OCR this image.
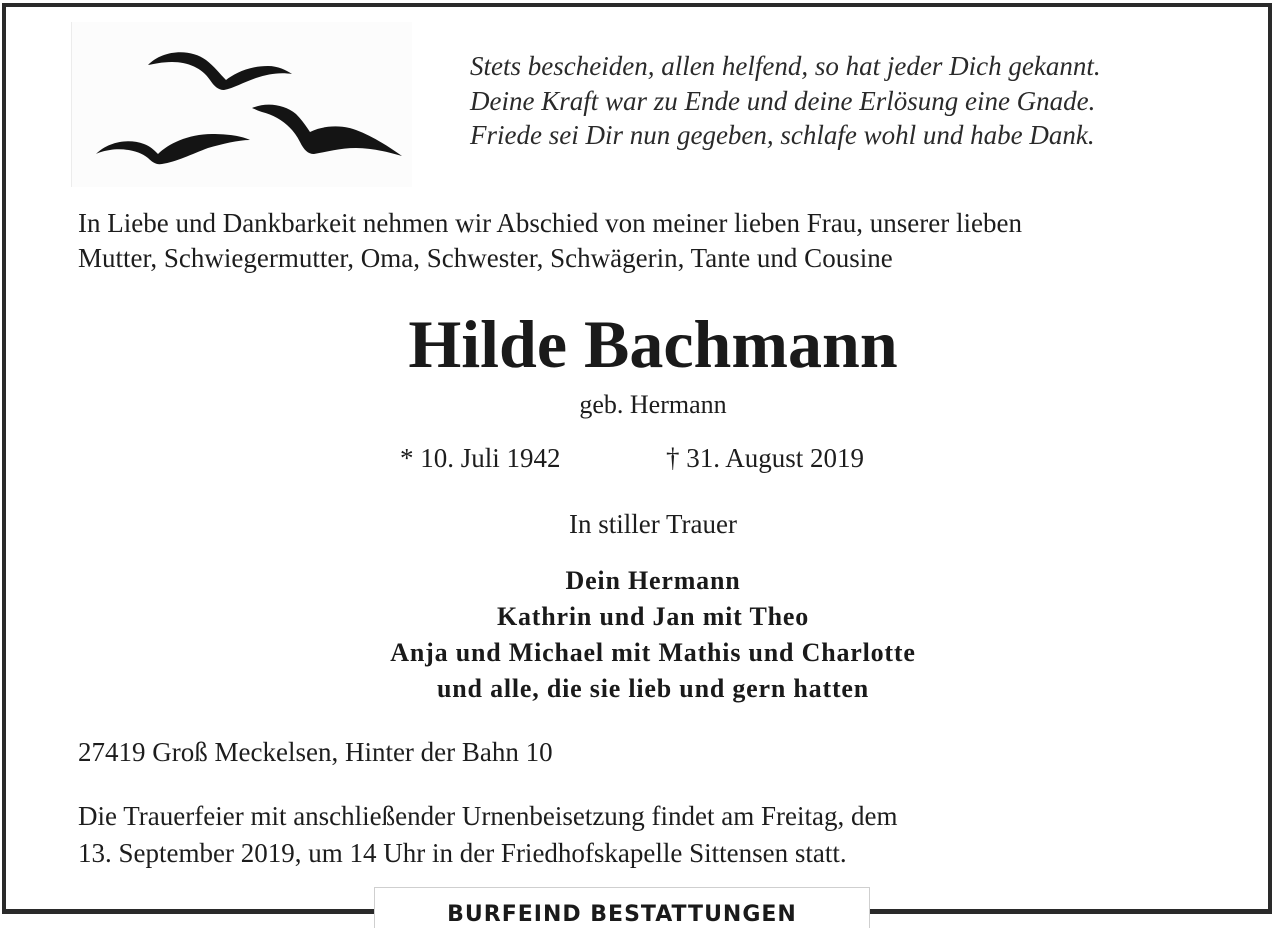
Stets bescheiden, allen helfend, so hat jeder Dich gekannt.
Deine Kraft war zu Ende und deine Erlösung eine Gnade.
Friede sei Dir nun gegeben, schlafe wohl und habe Dank.
In Liebe und Dankbarkeit nehmen wir Abschied von meiner lieben Frau, unserer lieben
Mutter, Schwiegermutter, Oma, Schwester, Schwägerin, Tante und Cousine
Hilde Bachmann
geb. Hermann
* 10. Juli 1942	† 31. August 2019
In stiller Trauer
Dein Hermann
Kathrin und Jan mit Theo
Anja und Michael mit Mathis und Charlotte
und alle, die sie lieb und gern hatten
27419 Groß Meckelsen, Hinter der Bahn 10
Die Trauerfeier mit anschließender Urnenbeisetzung findet am Freitag, dem
13. September 2019, um 14 Uhr in der Friedhofskapelle Sittensen statt.
BURFEIND BESTATTUNGEN
